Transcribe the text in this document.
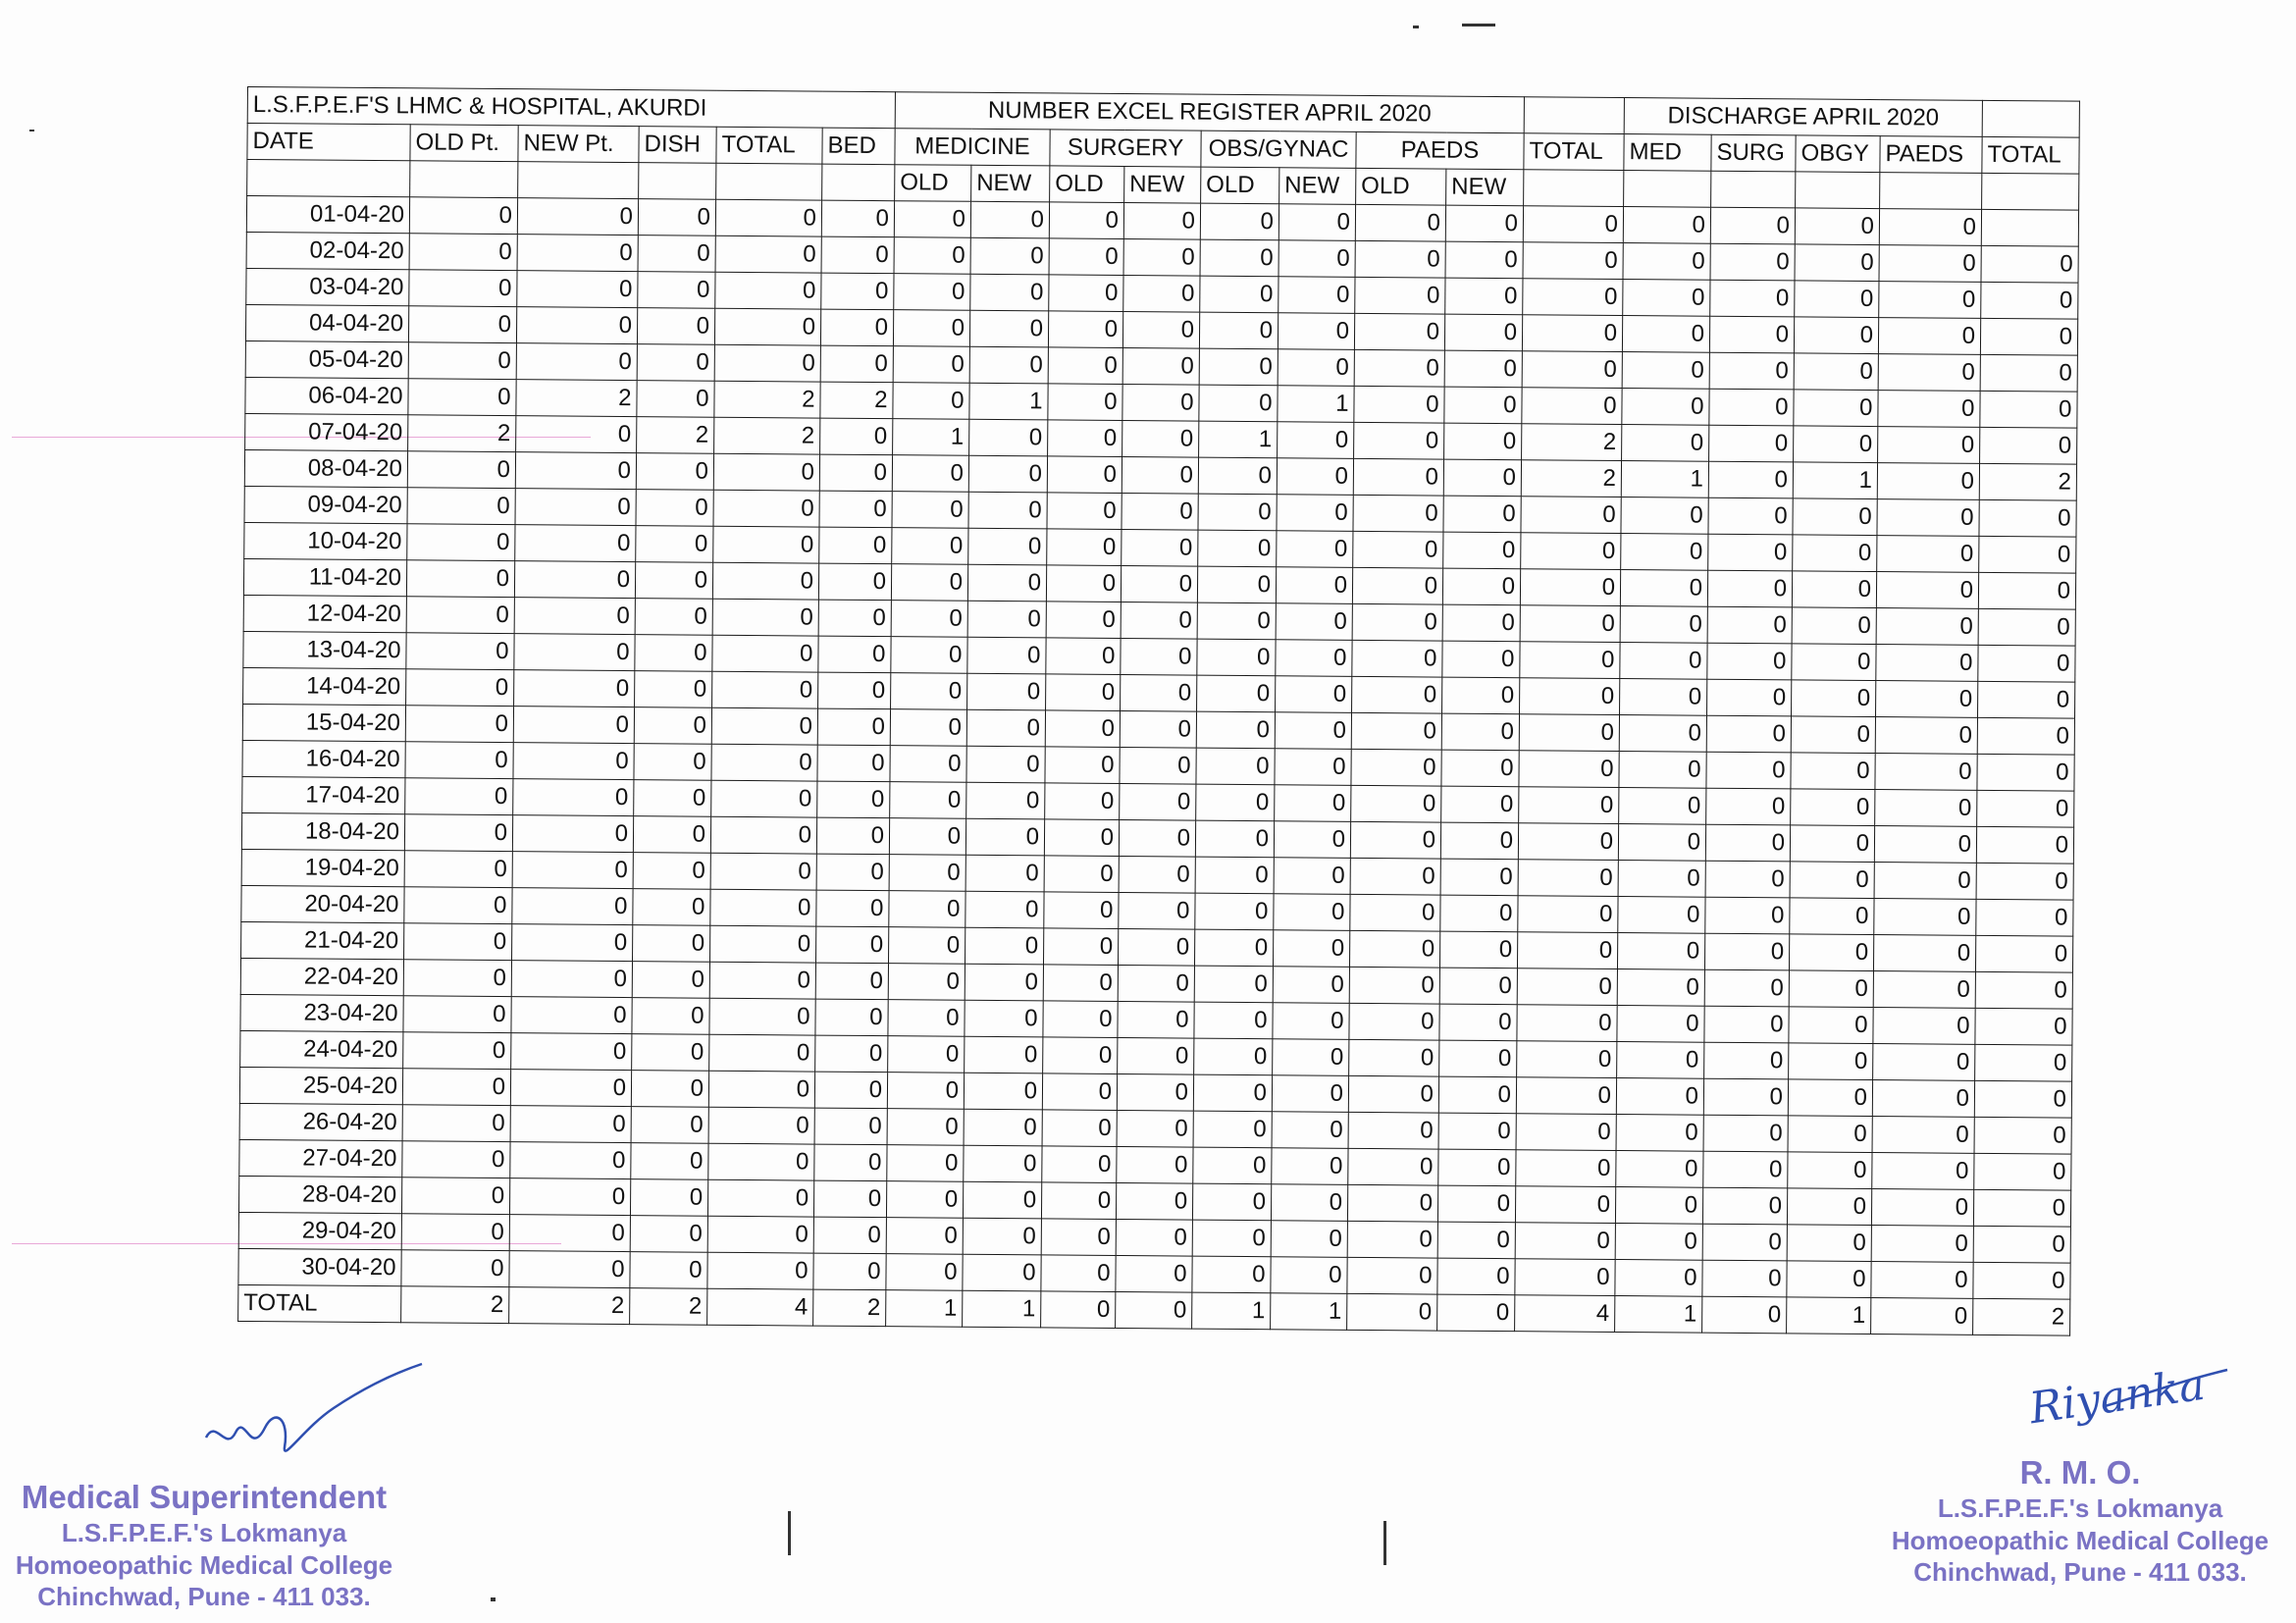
L.S.F.P.E.F'S LHMC & HOSPITAL, AKURDI						NUMBER EXCEL REGISTER APRIL 2020									DISCHARGE APRIL 2020				
DATE	OLD Pt.	NEW Pt.	DISH	TOTAL	BED	MEDICINE		SURGERY		OBS/GYNAC		PAEDS		TOTAL	MED	SURG	OBGY	PAEDS	TOTAL
						OLD	NEW	OLD	NEW	OLD	NEW	OLD	NEW						
01-04-20	0	0	0	0	0	0	0	0	0	0	0	0	0	0	0	0	0	0	
02-04-20	0	0	0	0	0	0	0	0	0	0	0	0	0	0	0	0	0	0	0
03-04-20	0	0	0	0	0	0	0	0	0	0	0	0	0	0	0	0	0	0	0
04-04-20	0	0	0	0	0	0	0	0	0	0	0	0	0	0	0	0	0	0	0
05-04-20	0	0	0	0	0	0	0	0	0	0	0	0	0	0	0	0	0	0	0
06-04-20	0	2	0	2	2	0	1	0	0	0	1	0	0	0	0	0	0	0	0
07-04-20	2	0	2	2	0	1	0	0	0	1	0	0	0	2	0	0	0	0	0
08-04-20	0	0	0	0	0	0	0	0	0	0	0	0	0	2	1	0	1	0	2
09-04-20	0	0	0	0	0	0	0	0	0	0	0	0	0	0	0	0	0	0	0
10-04-20	0	0	0	0	0	0	0	0	0	0	0	0	0	0	0	0	0	0	0
11-04-20	0	0	0	0	0	0	0	0	0	0	0	0	0	0	0	0	0	0	0
12-04-20	0	0	0	0	0	0	0	0	0	0	0	0	0	0	0	0	0	0	0
13-04-20	0	0	0	0	0	0	0	0	0	0	0	0	0	0	0	0	0	0	0
14-04-20	0	0	0	0	0	0	0	0	0	0	0	0	0	0	0	0	0	0	0
15-04-20	0	0	0	0	0	0	0	0	0	0	0	0	0	0	0	0	0	0	0
16-04-20	0	0	0	0	0	0	0	0	0	0	0	0	0	0	0	0	0	0	0
17-04-20	0	0	0	0	0	0	0	0	0	0	0	0	0	0	0	0	0	0	0
18-04-20	0	0	0	0	0	0	0	0	0	0	0	0	0	0	0	0	0	0	0
19-04-20	0	0	0	0	0	0	0	0	0	0	0	0	0	0	0	0	0	0	0
20-04-20	0	0	0	0	0	0	0	0	0	0	0	0	0	0	0	0	0	0	0
21-04-20	0	0	0	0	0	0	0	0	0	0	0	0	0	0	0	0	0	0	0
22-04-20	0	0	0	0	0	0	0	0	0	0	0	0	0	0	0	0	0	0	0
23-04-20	0	0	0	0	0	0	0	0	0	0	0	0	0	0	0	0	0	0	0
24-04-20	0	0	0	0	0	0	0	0	0	0	0	0	0	0	0	0	0	0	0
25-04-20	0	0	0	0	0	0	0	0	0	0	0	0	0	0	0	0	0	0	0
26-04-20	0	0	0	0	0	0	0	0	0	0	0	0	0	0	0	0	0	0	0
27-04-20	0	0	0	0	0	0	0	0	0	0	0	0	0	0	0	0	0	0	0
28-04-20	0	0	0	0	0	0	0	0	0	0	0	0	0	0	0	0	0	0	0
29-04-20	0	0	0	0	0	0	0	0	0	0	0	0	0	0	0	0	0	0	0
30-04-20	0	0	0	0	0	0	0	0	0	0	0	0	0	0	0	0	0	0	0
TOTAL	2	2	2	4	2	1	1	0	0	1	1	0	0	4	1	0	1	0	2
Medical Superintendent
L.S.F.P.E.F.'s Lokmanya
Homoeopathic Medical College
Chinchwad, Pune - 411 033.
Riyanka
R. M. O.
L.S.F.P.E.F.'s Lokmanya
Homoeopathic Medical College
Chinchwad, Pune - 411 033.
